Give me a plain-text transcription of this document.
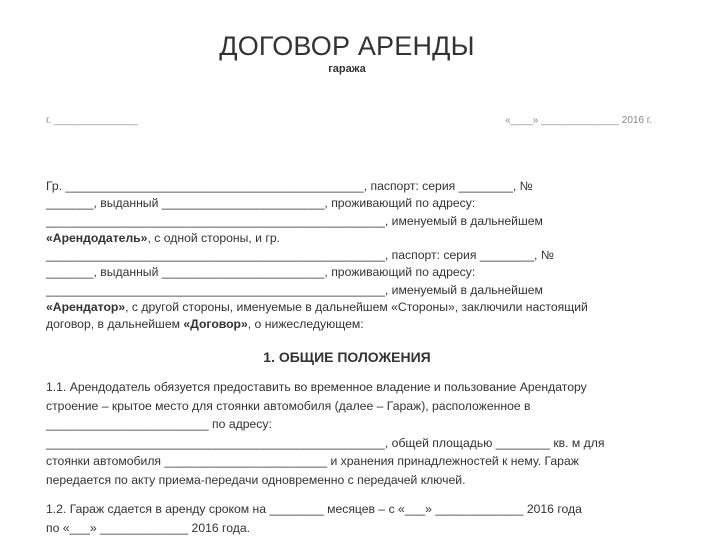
ДОГОВОР АРЕНДЫ
гаража
г. _______________	«____» ______________ 2016 г.
Гр. ____________________________________________, паспорт: серия ________, №
_______, выданный ________________________, проживающий по адресу:
__________________________________________________, именуемый в дальнейшем
«Арендодатель», с одной стороны, и гр.
__________________________________________________, паспорт: серия ________, №
_______, выданный ________________________, проживающий по адресу:
__________________________________________________, именуемый в дальнейшем
«Арендатор», с другой стороны, именуемые в дальнейшем «Стороны», заключили настоящий
договор, в дальнейшем «Договор», о нижеследующем:
1. ОБЩИЕ ПОЛОЖЕНИЯ
1.1. Арендодатель обязуется предоставить во временное владение и пользование Арендатору
строение – крытое место для стоянки автомобиля (далее – Гараж), расположенное в
________________________ по адресу:
__________________________________________________, общей площадью ________ кв. м для
стоянки автомобиля ________________________ и хранения принадлежностей к нему. Гараж
передается по акту приема-передачи одновременно с передачей ключей.
1.2. Гараж сдается в аренду сроком на ________ месяцев – с «___» _____________ 2016 года
по «___» _____________ 2016 года.
